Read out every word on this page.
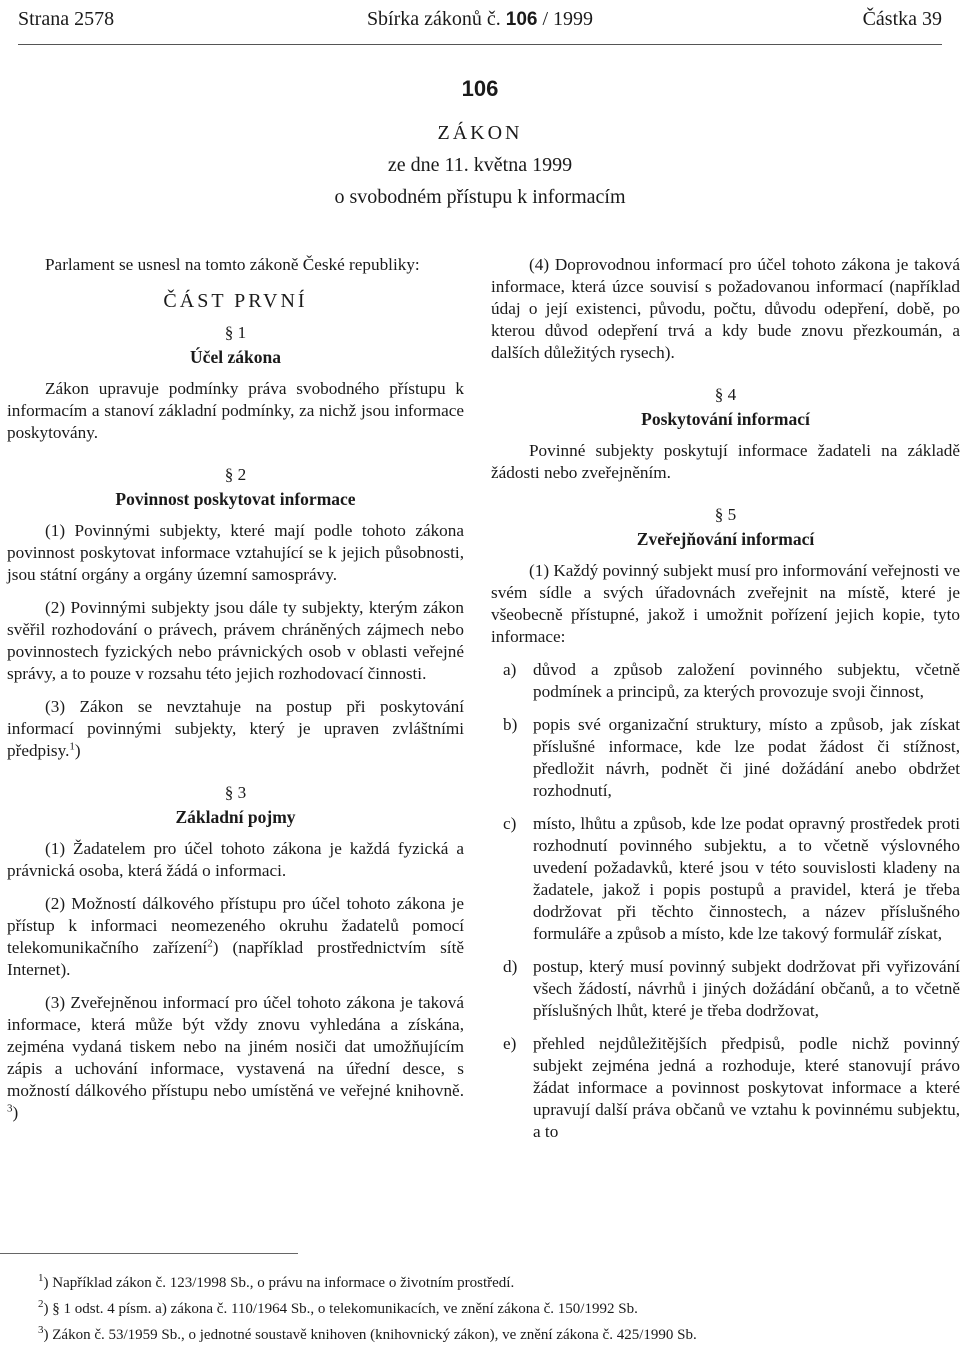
Strana 2578	Sbírka zákonů č. 106 / 1999	Částka 39
106
ZÁKON
ze dne 11. května 1999
o svobodném přístupu k informacím

Parlament se usnesl na tomto zákoně České republiky:

ČÁST PRVNÍ
§ 1
Účel zákona

Zákon upravuje podmínky práva svobodného přístupu k informacím a stanoví základní podmínky, za nichž jsou informace poskytovány.

§ 2
Povinnost poskytovat informace

(1) Povinnými subjekty, které mají podle tohoto zákona povinnost poskytovat informace vztahující se k jejich působnosti, jsou státní orgány a orgány územní samosprávy.

(2) Povinnými subjekty jsou dále ty subjekty, kterým zákon svěřil rozhodování o právech, právem chráněných zájmech nebo povinnostech fyzických nebo právnických osob v oblasti veřejné správy, a to pouze v rozsahu této jejich rozhodovací činnosti.

(3) Zákon se nevztahuje na postup při poskytování informací povinnými subjekty, který je upraven zvláštními předpisy.$^1$)

§ 3
Základní pojmy

(1) Žadatelem pro účel tohoto zákona je každá fyzická a právnická osoba, která žádá o informaci.

(2) Možností dálkového přístupu pro účel tohoto zákona je přístup k informaci neomezeného okruhu žadatelů pomocí telekomunikačního zařízení$^2$) (například prostřednictvím sítě Internet).

(3) Zveřejněnou informací pro účel tohoto zákona je taková informace, která může být vždy znovu vyhledána a získána, zejména vydaná tiskem nebo na jiném nosiči dat umožňujícím zápis a uchování informace, vystavená na úřední desce, s možností dálkového přístupu nebo umístěná ve veřejné knihovně. $^3$)

(4) Doprovodnou informací pro účel tohoto zákona je taková informace, která úzce souvisí s požadovanou informací (například údaj o její existenci, původu, počtu, důvodu odepření, době, po kterou důvod odepření trvá a kdy bude znovu přezkoumán, a dalších důležitých rysech).

§ 4
Poskytování informací

Povinné subjekty poskytují informace žadateli na základě žádosti nebo zveřejněním.

§ 5
Zveřejňování informací

(1) Každý povinný subjekt musí pro informování veřejnosti ve svém sídle a svých úřadovnách zveřejnit na místě, které je všeobecně přístupné, jakož i umožnit pořízení jejich kopie, tyto informace:

a) důvod a způsob založení povinného subjektu, včetně podmínek a principů, za kterých provozuje svoji činnost,
b) popis své organizační struktury, místo a způsob, jak získat příslušné informace, kde lze podat žádost či stížnost, předložit návrh, podnět či jiné dožádání anebo obdržet rozhodnutí,
c) místo, lhůtu a způsob, kde lze podat opravný prostředek proti rozhodnutí povinného subjektu, a to včetně výslovného uvedení požadavků, které jsou v této souvislosti kladeny na žadatele, jakož i popis postupů a pravidel, která je třeba dodržovat při těchto činnostech, a název příslušného formuláře a způsob a místo, kde lze takový formulář získat,
d) postup, který musí povinný subjekt dodržovat při vyřizování všech žádostí, návrhů i jiných dožádání občanů, a to včetně příslušných lhůt, které je třeba dodržovat,
e) přehled nejdůležitějších předpisů, podle nichž povinný subjekt zejména jedná a rozhoduje, které stanovují právo žádat informace a povinnost poskytovat informace a které upravují další práva občanů ve vztahu k povinnému subjektu, a to
$^1$) Například zákon č. 123/1998 Sb., o právu na informace o životním prostředí.
$^2$) § 1 odst. 4 písm. a) zákona č. 110/1964 Sb., o telekomunikacích, ve znění zákona č. 150/1992 Sb.
$^3$) Zákon č. 53/1959 Sb., o jednotné soustavě knihoven (knihovnický zákon), ve znění zákona č. 425/1990 Sb.
